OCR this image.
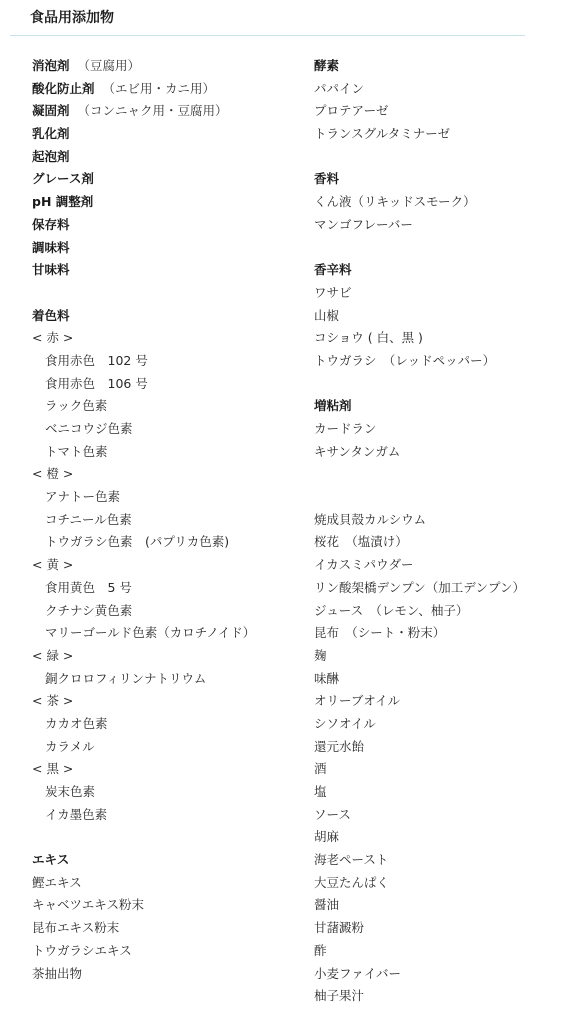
食品用添加物
消泡剤 （豆腐用）
酸化防止剤 （エビ用・カニ用）
凝固剤 （コンニャク用・豆腐用）
乳化剤
起泡剤
グレース剤
pH 調整剤
保存料
調味料
甘味料
着色料
< 赤 >
食用赤色　102 号
食用赤色　106 号
ラック色素
ベニコウジ色素
トマト色素
< 橙 >
アナトー色素
コチニール色素
トウガラシ色素　(パプリカ色素)
< 黄 >
食用黄色　5 号
クチナシ黄色素
マリーゴールド色素（カロチノイド）
< 緑 >
銅クロロフィリンナトリウム
< 茶 >
カカオ色素
カラメル
< 黒 >
炭末色素
イカ墨色素
エキス
鰹エキス
キャベツエキス粉末
昆布エキス粉末
トウガラシエキス
茶抽出物
酵素
パパイン
プロテアーゼ
トランスグルタミナーゼ
香料
くん液（リキッドスモーク）
マンゴフレーバー
香辛料
ワサビ
山椒
コショウ ( 白、黒 )
トウガラシ　（レッドペッパー）
増粘剤
カードラン
キサンタンガム
焼成貝殻カルシウム
桜花　（塩漬け）
イカスミパウダー
リン酸架橋デンプン（加工デンプン）
ジュース　（レモン、柚子）
昆布　（シート・粉末）
麹
味醂
オリーブオイル
シソオイル
還元水飴
酒
塩
ソース
胡麻
海老ペースト
大豆たんぱく
醤油
甘藷澱粉
酢
小麦ファイバー
柚子果汁
